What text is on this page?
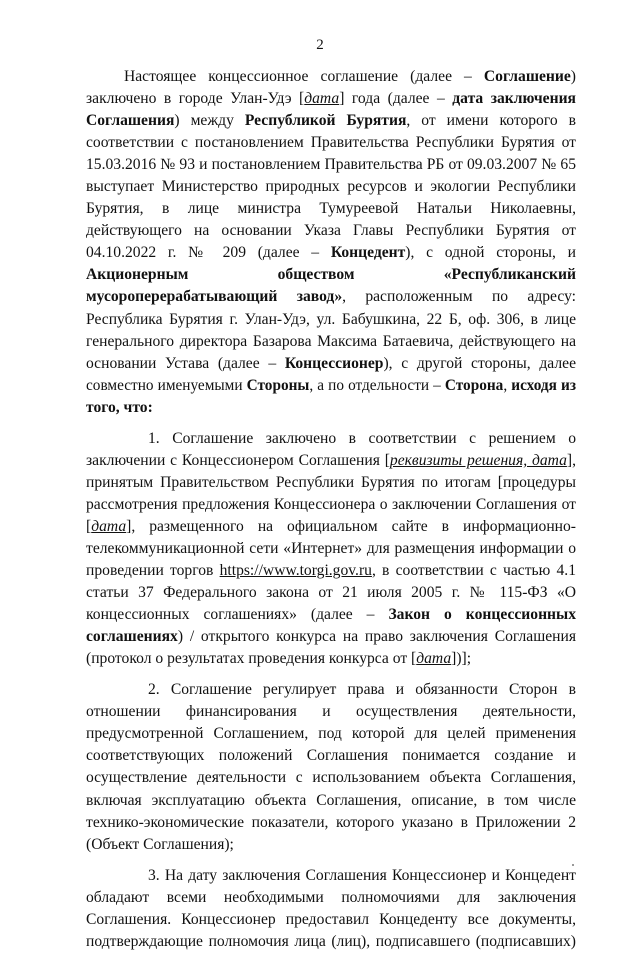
2
Настоящее концессионное соглашение (далее – Соглашение)
заключено в городе Улан-Удэ [дата] года (далее – дата заключения
Соглашения) между Республикой Бурятия, от имени которого в
соответствии с постановлением Правительства Республики Бурятия от
15.03.2016 № 93 и постановлением Правительства РБ от 09.03.2007 № 65
выступает Министерство природных ресурсов и экологии Республики
Бурятия, в лице министра Тумуреевой Натальи Николаевны,
действующего на основании Указа Главы Республики Бурятия от
04.10.2022 г. № 209 (далее – Концедент), с одной стороны, и
Акционерным обществом «Республиканский
мусороперерабатывающий завод», расположенным по адресу:
Республика Бурятия г. Улан-Удэ, ул. Бабушкина, 22 Б, оф. 306, в лице
генерального директора Базарова Максима Батаевича, действующего на
основании Устава (далее – Концессионер), с другой стороны, далее
совместно именуемыми Стороны, а по отдельности – Сторона, исходя из
того, что:
1. Соглашение заключено в соответствии с решением о
заключении с Концессионером Соглашения [реквизиты решения, дата],
принятым Правительством Республики Бурятия по итогам [процедуры
рассмотрения предложения Концессионера о заключении Соглашения от
[дата], размещенного на официальном сайте в информационно-
телекоммуникационной сети «Интернет» для размещения информации о
проведении торгов https://www.torgi.gov.ru, в соответствии с частью 4.1
статьи 37 Федерального закона от 21 июля 2005 г. № 115-ФЗ «О
концессионных соглашениях» (далее – Закон о концессионных
соглашениях) / открытого конкурса на право заключения Соглашения
(протокол о результатах проведения конкурса от [дата])];
2. Соглашение регулирует права и обязанности Сторон в
отношении финансирования и осуществления деятельности,
предусмотренной Соглашением, под которой для целей применения
соответствующих положений Соглашения понимается создание и
осуществление деятельности с использованием объекта Соглашения,
включая эксплуатацию объекта Соглашения, описание, в том числе
технико-экономические показатели, которого указано в Приложении 2
(Объект Соглашения);
3. На дату заключения Соглашения Концессионер и Концедент
обладают всеми необходимыми полномочиями для заключения
Соглашения. Концессионер предоставил Концеденту все документы,
подтверждающие полномочия лица (лиц), подписавшего (подписавших)
